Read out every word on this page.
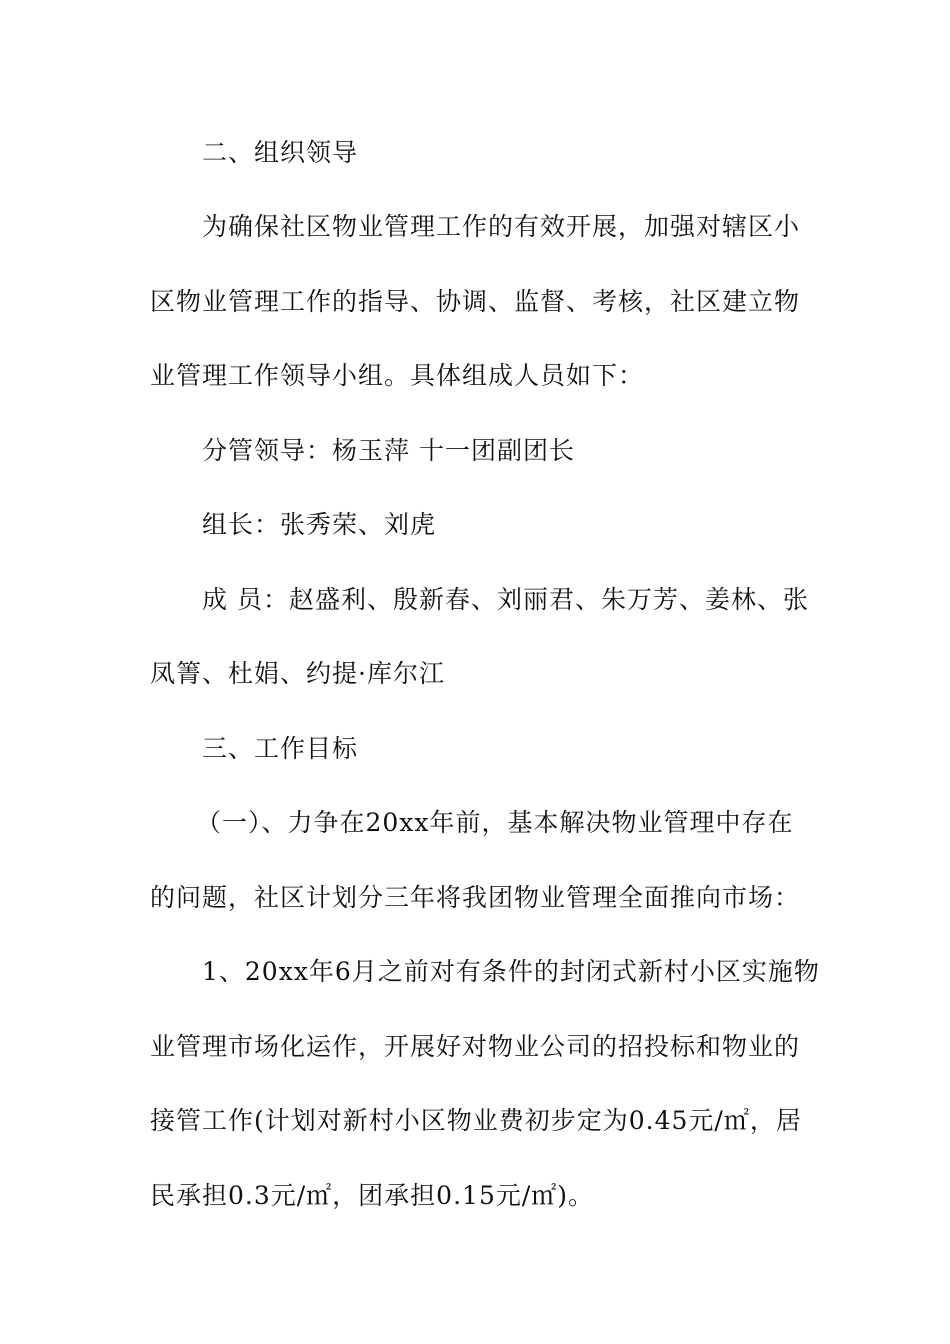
二、组织领导
为确保社区物业管理工作的有效开展，加强对辖区小
区物业管理工作的指导、协调、监督、考核，社区建立物
业管理工作领导小组。具体组成人员如下：
分管领导：杨玉萍 十一团副团长
组长：张秀荣、刘虎
成 员：赵盛利、殷新春、刘丽君、朱万芳、姜林、张
凤箐、杜娟、约提·库尔江
三、工作目标
（一）、力争在20xx年前，基本解决物业管理中存在
的问题，社区计划分三年将我团物业管理全面推向市场：
1、20xx年6月之前对有条件的封闭式新村小区实施物
业管理市场化运作，开展好对物业公司的招投标和物业的
接管工作(计划对新村小区物业费初步定为0.45元/㎡，居
民承担0.3元/㎡，团承担0.15元/㎡)。
